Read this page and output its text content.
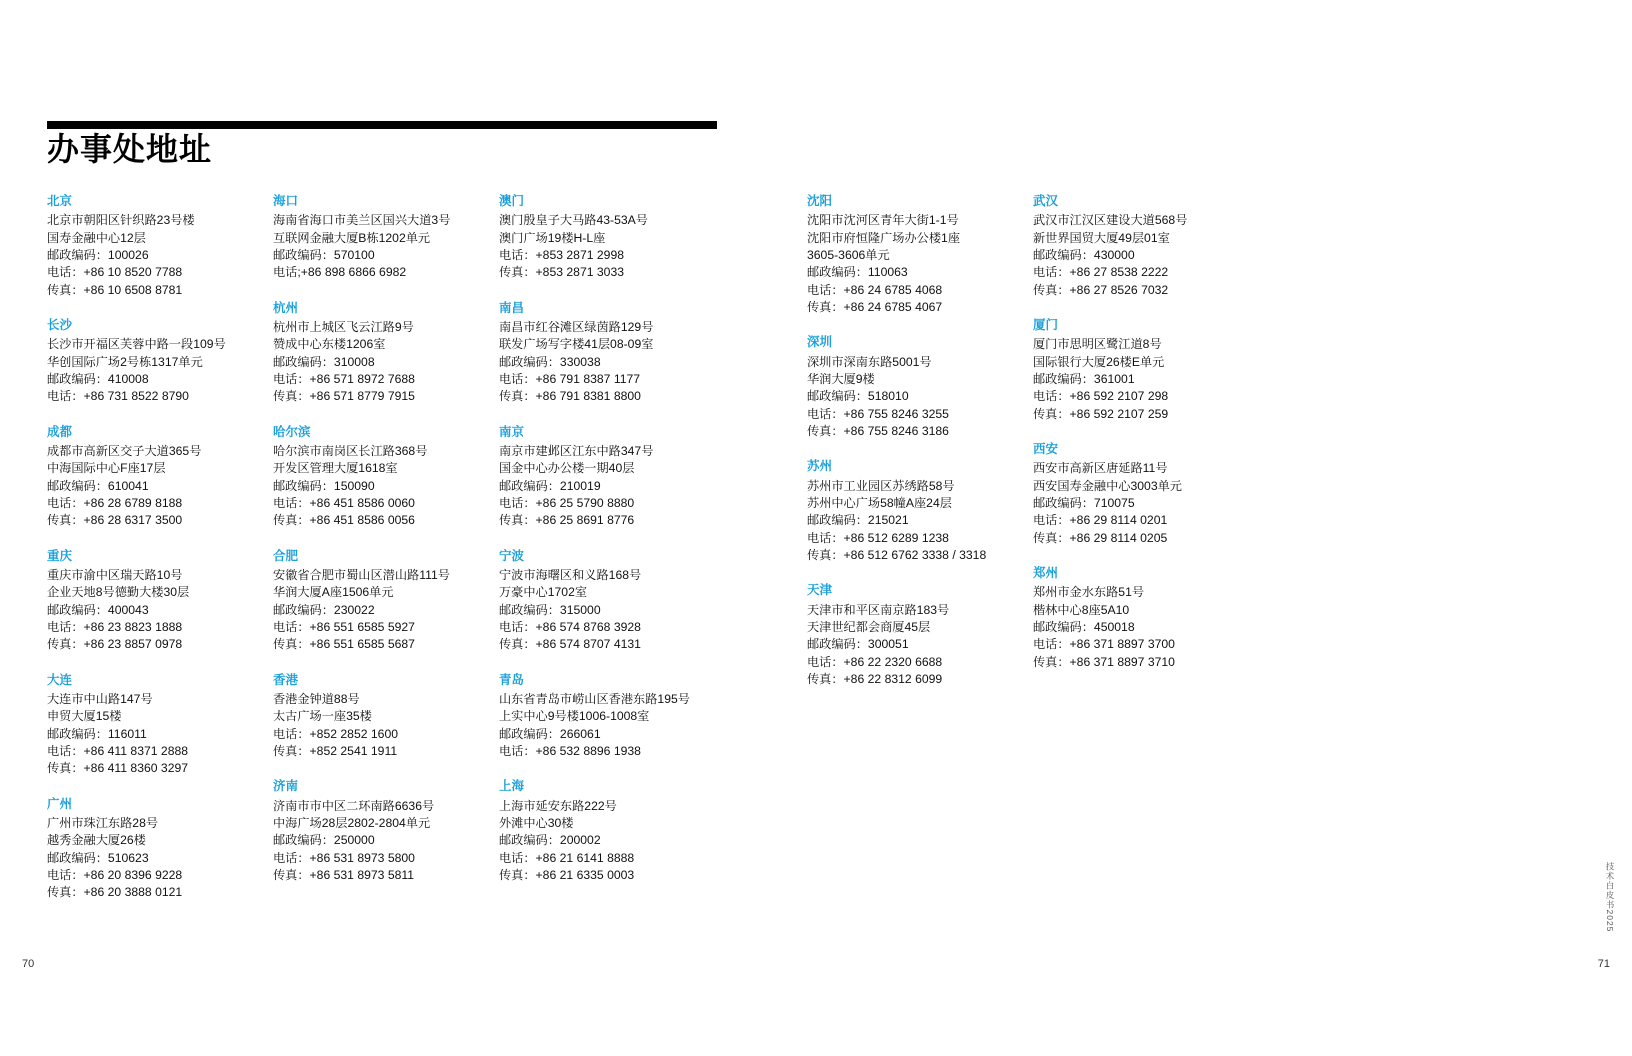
办事处地址
北京
北京市朝阳区针织路23号楼
国寿金融中心12层
邮政编码：100026
电话：+86 10 8520 7788
传真：+86 10 6508 8781
长沙
长沙市开福区芙蓉中路一段109号
华创国际广场2号栋1317单元
邮政编码：410008
电话：+86 731 8522 8790
成都
成都市高新区交子大道365号
中海国际中心F座17层
邮政编码：610041
电话：+86 28 6789 8188
传真：+86 28 6317 3500
重庆
重庆市渝中区瑞天路10号
企业天地8号德勤大楼30层
邮政编码：400043
电话：+86 23 8823 1888
传真：+86 23 8857 0978
大连
大连市中山路147号
申贸大厦15楼
邮政编码：116011
电话：+86 411 8371 2888
传真：+86 411 8360 3297
广州
广州市珠江东路28号
越秀金融大厦26楼
邮政编码：510623
电话：+86 20 8396 9228
传真：+86 20 3888 0121
海口
海南省海口市美兰区国兴大道3号
互联网金融大厦B栋1202单元
邮政编码：570100
电话;+86 898 6866 6982
杭州
杭州市上城区飞云江路9号
赞成中心东楼1206室
邮政编码：310008
电话：+86 571 8972 7688
传真：+86 571 8779 7915
哈尔滨
哈尔滨市南岗区长江路368号
开发区管理大厦1618室
邮政编码：150090
电话：+86 451 8586 0060
传真：+86 451 8586 0056
合肥
安徽省合肥市蜀山区潜山路111号
华润大厦A座1506单元
邮政编码：230022
电话：+86 551 6585 5927
传真：+86 551 6585 5687
香港
香港金钟道88号
太古广场一座35楼
电话：+852 2852 1600
传真：+852 2541 1911
济南
济南市市中区二环南路6636号
中海广场28层2802-2804单元
邮政编码：250000
电话：+86 531 8973 5800
传真：+86 531 8973 5811
澳门
澳门殷皇子大马路43-53A号
澳门广场19楼H-L座
电话：+853 2871 2998
传真：+853 2871 3033
南昌
南昌市红谷滩区绿茵路129号
联发广场写字楼41层08-09室
邮政编码：330038
电话：+86 791 8387 1177
传真：+86 791 8381 8800
南京
南京市建邺区江东中路347号
国金中心办公楼一期40层
邮政编码：210019
电话：+86 25 5790 8880
传真：+86 25 8691 8776
宁波
宁波市海曙区和义路168号
万豪中心1702室
邮政编码：315000
电话：+86 574 8768 3928
传真：+86 574 8707 4131
青岛
山东省青岛市崂山区香港东路195号
上实中心9号楼1006-1008室
邮政编码：266061
电话：+86 532 8896 1938
上海
上海市延安东路222号
外滩中心30楼
邮政编码：200002
电话：+86 21 6141 8888
传真：+86 21 6335 0003
沈阳
沈阳市沈河区青年大街1-1号
沈阳市府恒隆广场办公楼1座
3605-3606单元
邮政编码：110063
电话：+86 24 6785 4068
传真：+86 24 6785 4067
深圳
深圳市深南东路5001号
华润大厦9楼
邮政编码：518010
电话：+86 755 8246 3255
传真：+86 755 8246 3186
苏州
苏州市工业园区苏绣路58号
苏州中心广场58幢A座24层
邮政编码：215021
电话：+86 512 6289 1238
传真：+86 512 6762 3338 / 3318
天津
天津市和平区南京路183号
天津世纪都会商厦45层
邮政编码：300051
电话：+86 22 2320 6688
传真：+86 22 8312 6099
武汉
武汉市江汉区建设大道568号
新世界国贸大厦49层01室
邮政编码：430000
电话：+86 27 8538 2222
传真：+86 27 8526 7032
厦门
厦门市思明区鹭江道8号
国际银行大厦26楼E单元
邮政编码：361001
电话：+86 592 2107 298
传真：+86 592 2107 259
西安
西安市高新区唐延路11号
西安国寿金融中心3003单元
邮政编码：710075
电话：+86 29 8114 0201
传真：+86 29 8114 0205
郑州
郑州市金水东路51号
楷林中心8座5A10
邮政编码：450018
电话：+86 371 8897 3700
传真：+86 371 8897 3710
70	71
技术白皮书2025
